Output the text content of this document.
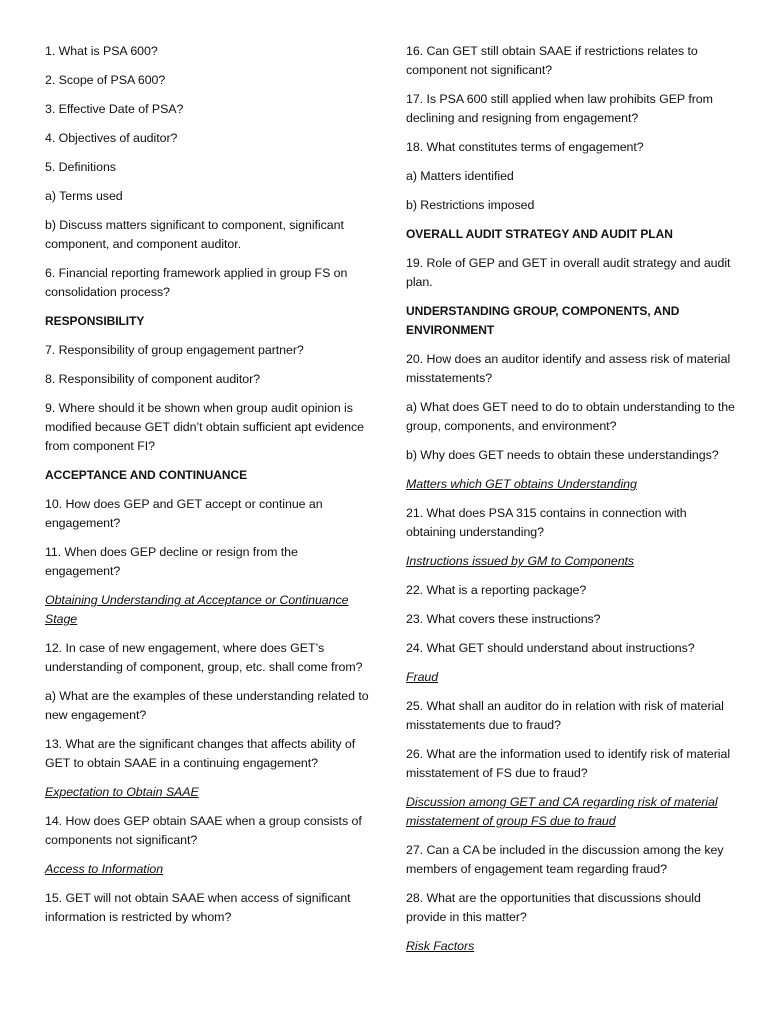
1. What is PSA 600?

2. Scope of PSA 600?

3. Effective Date of PSA?

4. Objectives of auditor?

5. Definitions

a) Terms used

b) Discuss matters significant to component, significant component, and component auditor.

6. Financial reporting framework applied in group FS on consolidation process?

RESPONSIBILITY

7. Responsibility of group engagement partner?

8. Responsibility of component auditor?

9. Where should it be shown when group audit opinion is modified because GET didn’t obtain sufficient apt evidence from component FI?

ACCEPTANCE AND CONTINUANCE

10. How does GEP and GET accept or continue an engagement?

11. When does GEP decline or resign from the engagement?

Obtaining Understanding at Acceptance or Continuance Stage

12. In case of new engagement, where does GET’s understanding of component, group, etc. shall come from?

a) What are the examples of these understanding related to new engagement?

13. What are the significant changes that affects ability of GET to obtain SAAE in a continuing engagement?

Expectation to Obtain SAAE

14. How does GEP obtain SAAE when a group consists of components not significant?

Access to Information

15. GET will not obtain SAAE when access of significant information is restricted by whom?

16. Can GET still obtain SAAE if restrictions relates to component not significant?

17. Is PSA 600 still applied when law prohibits GEP from declining and resigning from engagement?

18. What constitutes terms of engagement?

a) Matters identified

b) Restrictions imposed

OVERALL AUDIT STRATEGY AND AUDIT PLAN

19. Role of GEP and GET in overall audit strategy and audit plan.

UNDERSTANDING GROUP, COMPONENTS, AND ENVIRONMENT

20. How does an auditor identify and assess risk of material misstatements?

a) What does GET need to do to obtain understanding to the group, components, and environment?

b) Why does GET needs to obtain these understandings?

Matters which GET obtains Understanding

21. What does PSA 315 contains in connection with obtaining understanding?

Instructions issued by GM to Components

22. What is a reporting package?

23. What covers these instructions?

24. What GET should understand about instructions?

Fraud

25. What shall an auditor do in relation with risk of material misstatements due to fraud?

26. What are the information used to identify risk of material misstatement of FS due to fraud?

Discussion among GET and CA regarding risk of material misstatement of group FS due to fraud

27. Can a CA be included in the discussion among the key members of engagement team regarding fraud?

28. What are the opportunities that discussions should provide in this matter?

Risk Factors
